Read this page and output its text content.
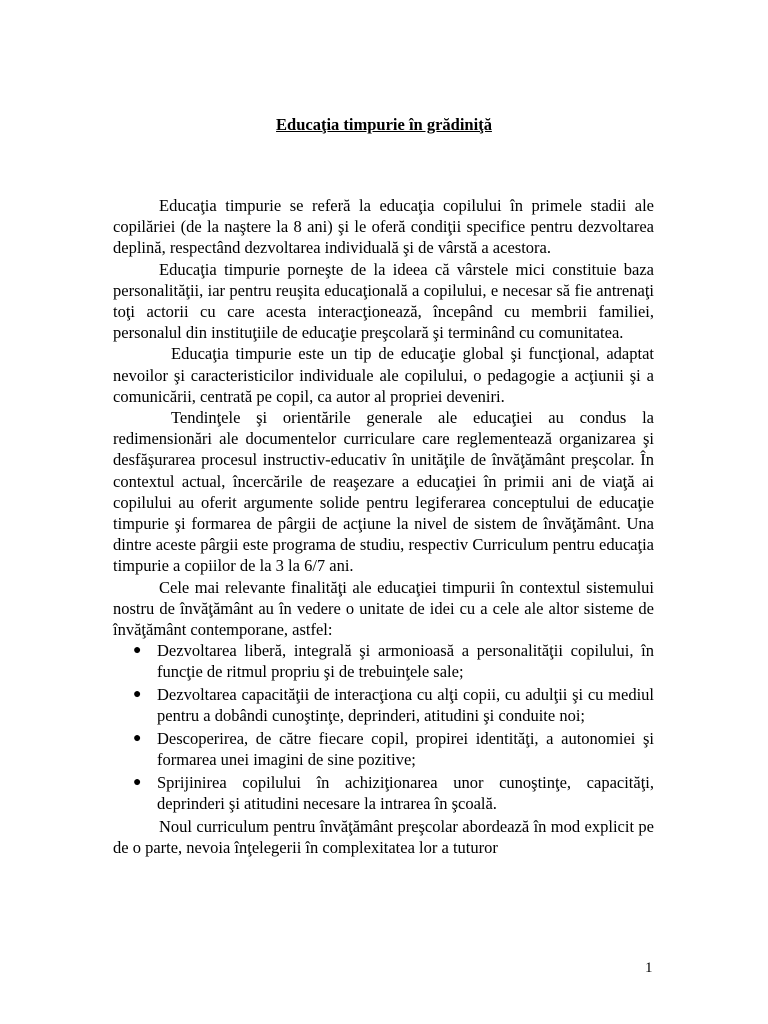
Educaţia timpurie în grădiniţă

Educaţia timpurie se referă la educaţia copilului în primele stadii ale copilăriei (de la naştere la 8 ani) şi le oferă condiţii specifice pentru dezvoltarea deplină, respectând dezvoltarea individuală şi de vârstă a acestora.

Educaţia timpurie porneşte de la ideea că vârstele mici constituie baza personalităţii, iar pentru reuşita educaţională a copilului, e necesar să fie antrenaţi toţi actorii cu care acesta interacţionează, începând cu membrii familiei, personalul din instituţiile de educaţie preşcolară şi terminând cu comunitatea.

Educaţia timpurie este un tip de educaţie global şi funcţional, adaptat nevoilor şi caracteristicilor individuale ale copilului, o pedagogie a acţiunii şi a comunicării, centrată pe copil, ca autor al propriei deveniri.

Tendinţele şi orientările generale ale educaţiei au condus la redimensionări ale documentelor curriculare care reglementează organizarea şi desfăşurarea procesul instructiv-educativ în unităţile de învăţământ preşcolar. În contextul actual, încercările de reaşezare a educaţiei în primii ani de viaţă ai copilului au oferit argumente solide pentru legiferarea conceptului de educaţie timpurie şi formarea de pârgii de acţiune la nivel de sistem de învăţământ. Una dintre aceste pârgii este programa de studiu, respectiv Curriculum pentru educaţia timpurie a copiilor de la 3 la 6/7 ani.

Cele mai relevante finalităţi ale educaţiei timpurii în contextul sistemului nostru de învăţământ au în vedere o unitate de idei cu a cele ale altor sisteme de învăţământ contemporane, astfel:

● Dezvoltarea liberă, integrală şi armonioasă a personalităţii copilului, în funcţie de ritmul propriu şi de trebuinţele sale;
● Dezvoltarea capacităţii de interacţiona cu alţi copii, cu adulţii şi cu mediul pentru a dobândi cunoştinţe, deprinderi, atitudini şi conduite noi;
● Descoperirea, de către fiecare copil, propirei identităţi, a autonomiei şi formarea unei imagini de sine pozitive;
● Sprijinirea copilului în achiziţionarea unor cunoştinţe, capacităţi, deprinderi şi atitudini necesare la intrarea în şcoală.

Noul curriculum pentru învăţământ preşcolar abordează în mod explicit pe de o parte, nevoia înţelegerii în complexitatea lor a tuturor

1
